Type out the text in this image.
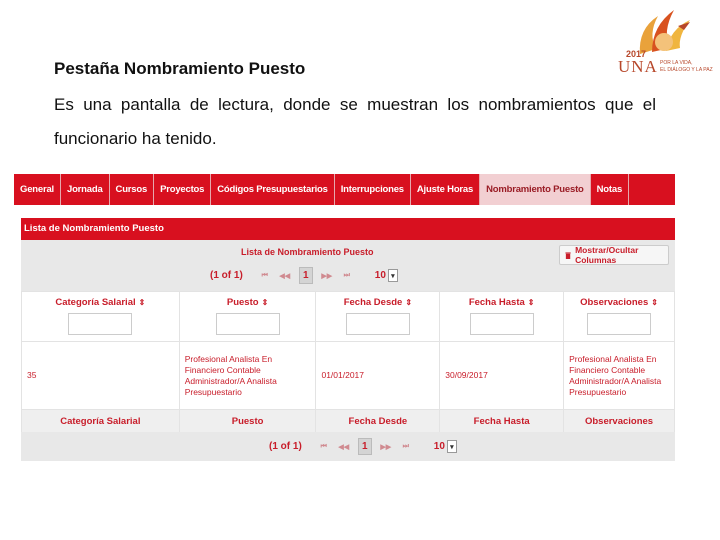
Pestaña Nombramiento Puesto
Es una pantalla de lectura, donde se muestran los nombramientos que el funcionario ha tenido.
2017
UNA POR LA VIDA,
EL DIÁLOGO Y LA PAZ
General	Jornada	Cursos	Proyectos	Códigos Presupuestarios	Interrupciones	Ajuste Horas	Nombramiento Puesto	Notas
Lista de Nombramiento Puesto
Lista de Nombramiento Puesto	Mostrar/Ocultar Columnas
(1 of 1)	⏮	◀◀	1	▶▶	⏭	10 ▾
Categoría Salarial ⇕	Puesto ⇕	Fecha Desde ⇕	Fecha Hasta ⇕	Observaciones ⇕

35	Profesional Analista En Financiero Contable Administrador/A Analista Presupuestario	01/01/2017	30/09/2017	Profesional Analista En Financiero Contable Administrador/A Analista Presupuestario
Categoría Salarial	Puesto	Fecha Desde	Fecha Hasta	Observaciones
(1 of 1)	⏮	◀◀	1	▶▶	⏭	10 ▾
